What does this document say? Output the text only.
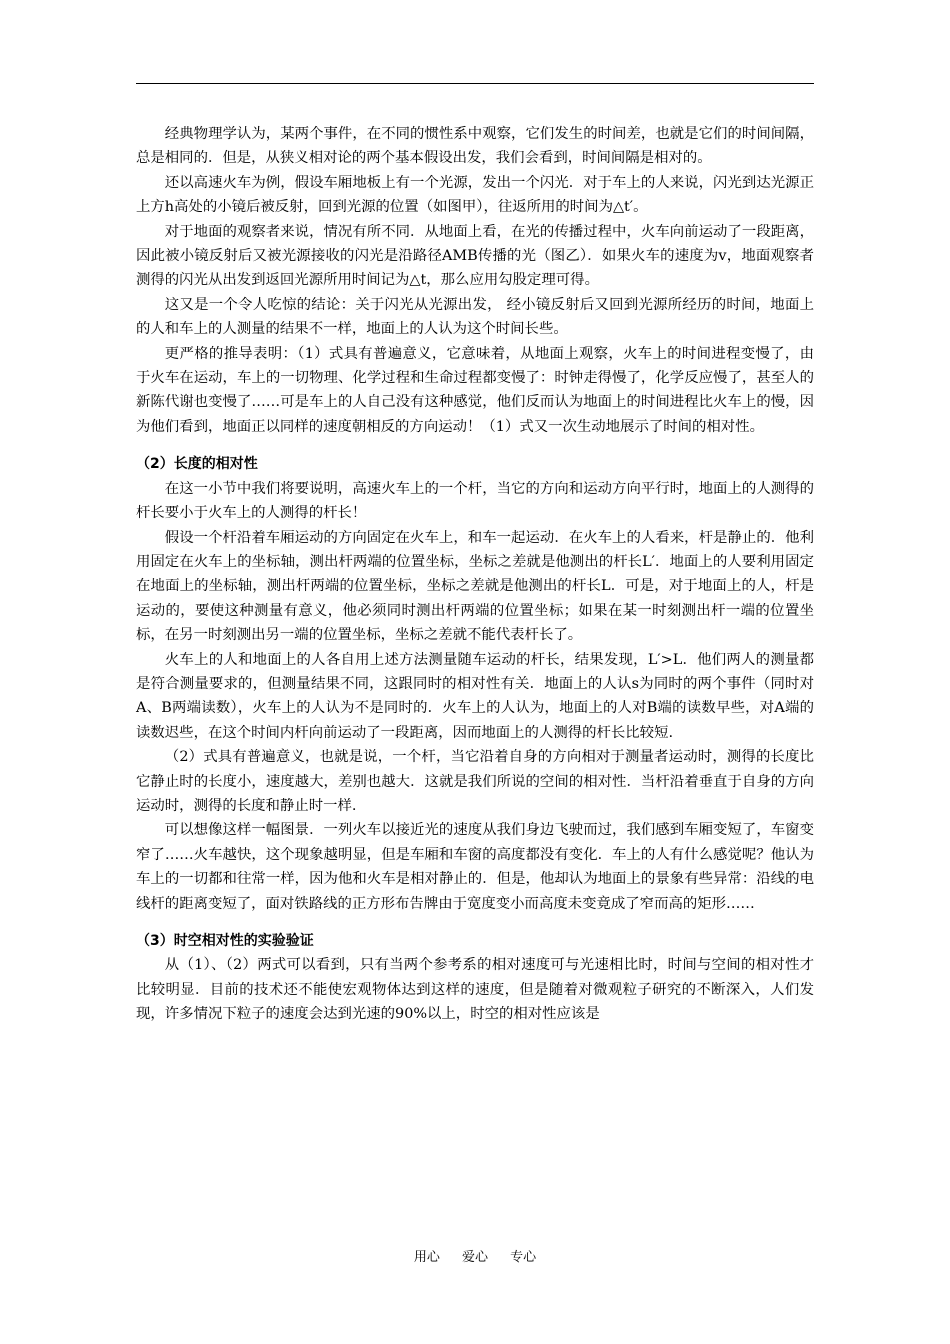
经典物理学认为，某两个事件，在不同的惯性系中观察，它们发生的时间差，也就是它们的时间间隔，总是相同的．但是，从狭义相对论的两个基本假设出发，我们会看到，时间间隔是相对的。

还以高速火车为例，假设车厢地板上有一个光源，发出一个闪光．对于车上的人来说，闪光到达光源正上方h高处的小镜后被反射，回到光源的位置（如图甲），往返所用的时间为△t′。

对于地面的观察者来说，情况有所不同．从地面上看，在光的传播过程中，火车向前运动了一段距离，因此被小镜反射后又被光源接收的闪光是沿路径AMB传播的光（图乙）．如果火车的速度为v，地面观察者测得的闪光从出发到返回光源所用时间记为△t，那么应用勾股定理可得。

这又是一个令人吃惊的结论：关于闪光从光源出发， 经小镜反射后又回到光源所经历的时间，地面上的人和车上的人测量的结果不一样，地面上的人认为这个时间长些。

更严格的推导表明：（1）式具有普遍意义，它意味着，从地面上观察，火车上的时间进程变慢了，由于火车在运动，车上的一切物理、化学过程和生命过程都变慢了：时钟走得慢了，化学反应慢了，甚至人的新陈代谢也变慢了……可是车上的人自己没有这种感觉，他们反而认为地面上的时间进程比火车上的慢，因为他们看到，地面正以同样的速度朝相反的方向运动！（1）式又一次生动地展示了时间的相对性。

（2）长度的相对性

在这一小节中我们将要说明，高速火车上的一个杆，当它的方向和运动方向平行时，地面上的人测得的杆长要小于火车上的人测得的杆长！

假设一个杆沿着车厢运动的方向固定在火车上，和车一起运动．在火车上的人看来，杆是静止的．他利用固定在火车上的坐标轴，测出杆两端的位置坐标，坐标之差就是他测出的杆长L′．地面上的人要利用固定在地面上的坐标轴，测出杆两端的位置坐标，坐标之差就是他测出的杆长L．可是，对于地面上的人，杆是运动的，要使这种测量有意义，他必须同时测出杆两端的位置坐标；如果在某一时刻测出杆一端的位置坐标，在另一时刻测出另一端的位置坐标，坐标之差就不能代表杆长了。

火车上的人和地面上的人各自用上述方法测量随车运动的杆长，结果发现，L′>L．他们两人的测量都是符合测量要求的，但测量结果不同，这跟同时的相对性有关．地面上的人认s为同时的两个事件（同时对A、B两端读数），火车上的人认为不是同时的．火车上的人认为，地面上的人对B端的读数早些，对A端的读数迟些，在这个时间内杆向前运动了一段距离，因而地面上的人测得的杆长比较短.

（2）式具有普遍意义，也就是说，一个杆，当它沿着自身的方向相对于测量者运动时，测得的长度比它静止时的长度小，速度越大，差别也越大．这就是我们所说的空间的相对性．当杆沿着垂直于自身的方向运动时，测得的长度和静止时一样.

可以想像这样一幅图景．一列火车以接近光的速度从我们身边飞驶而过，我们感到车厢变短了，车窗变窄了……火车越快，这个现象越明显，但是车厢和车窗的高度都没有变化．车上的人有什么感觉呢？他认为车上的一切都和往常一样，因为他和火车是相对静止的．但是，他却认为地面上的景象有些异常：沿线的电线杆的距离变短了，面对铁路线的正方形布告牌由于宽度变小而高度未变竟成了窄而高的矩形……

（3）时空相对性的实验验证

从（1）、（2）两式可以看到，只有当两个参考系的相对速度可与光速相比时，时间与空间的相对性才比较明显．目前的技术还不能使宏观物体达到这样的速度，但是随着对微观粒子研究的不断深入，人们发现，许多情况下粒子的速度会达到光速的90%以上，时空的相对性应该是

用心 爱心 专心
